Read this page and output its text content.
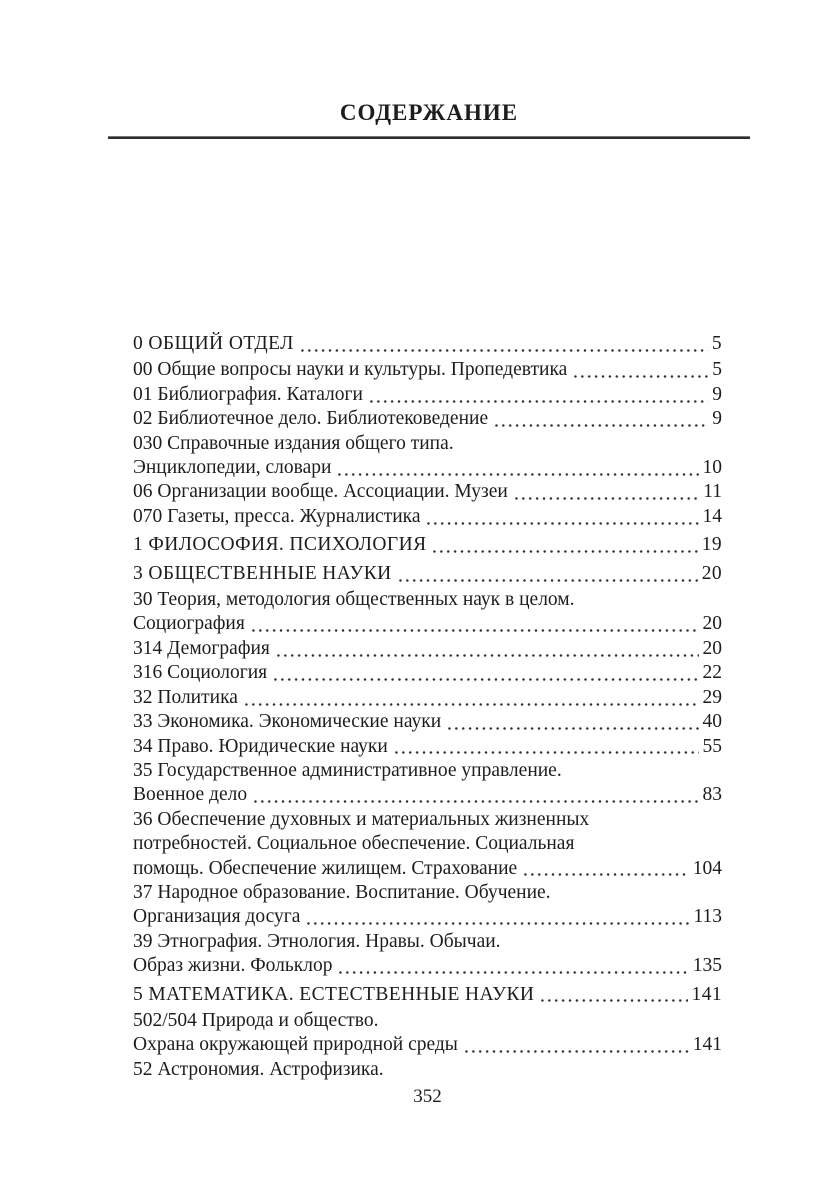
СОДЕРЖАНИЕ
0 ОБЩИЙ ОТДЕЛ	5
00 Общие вопросы науки и культуры. Пропедевтика	5
01 Библиография. Каталоги	9
02 Библиотечное дело. Библиотековедение	9
030 Справочные издания общего типа.
Энциклопедии, словари	10
06 Организации вообще. Ассоциации. Музеи	11
070 Газеты, пресса. Журналистика	14
1 ФИЛОСОФИЯ. ПСИХОЛОГИЯ	19
3 ОБЩЕСТВЕННЫЕ НАУКИ	20
30 Теория, методология общественных наук в целом.
Социография	20
314 Демография	20
316 Социология	22
32 Политика	29
33 Экономика. Экономические науки	40
34 Право. Юридические науки	55
35 Государственное административное управление.
Военное дело	83
36 Обеспечение духовных и материальных жизненных
потребностей. Социальное обеспечение. Социальная
помощь. Обеспечение жилищем. Страхование	104
37 Народное образование. Воспитание. Обучение.
Организация досуга	113
39 Этнография. Этнология. Нравы. Обычаи.
Образ жизни. Фольклор	135
5 МАТЕМАТИКА. ЕСТЕСТВЕННЫЕ НАУКИ	141
502/504 Природа и общество.
Охрана окружающей природной среды	141
52 Астрономия. Астрофизика.
352
